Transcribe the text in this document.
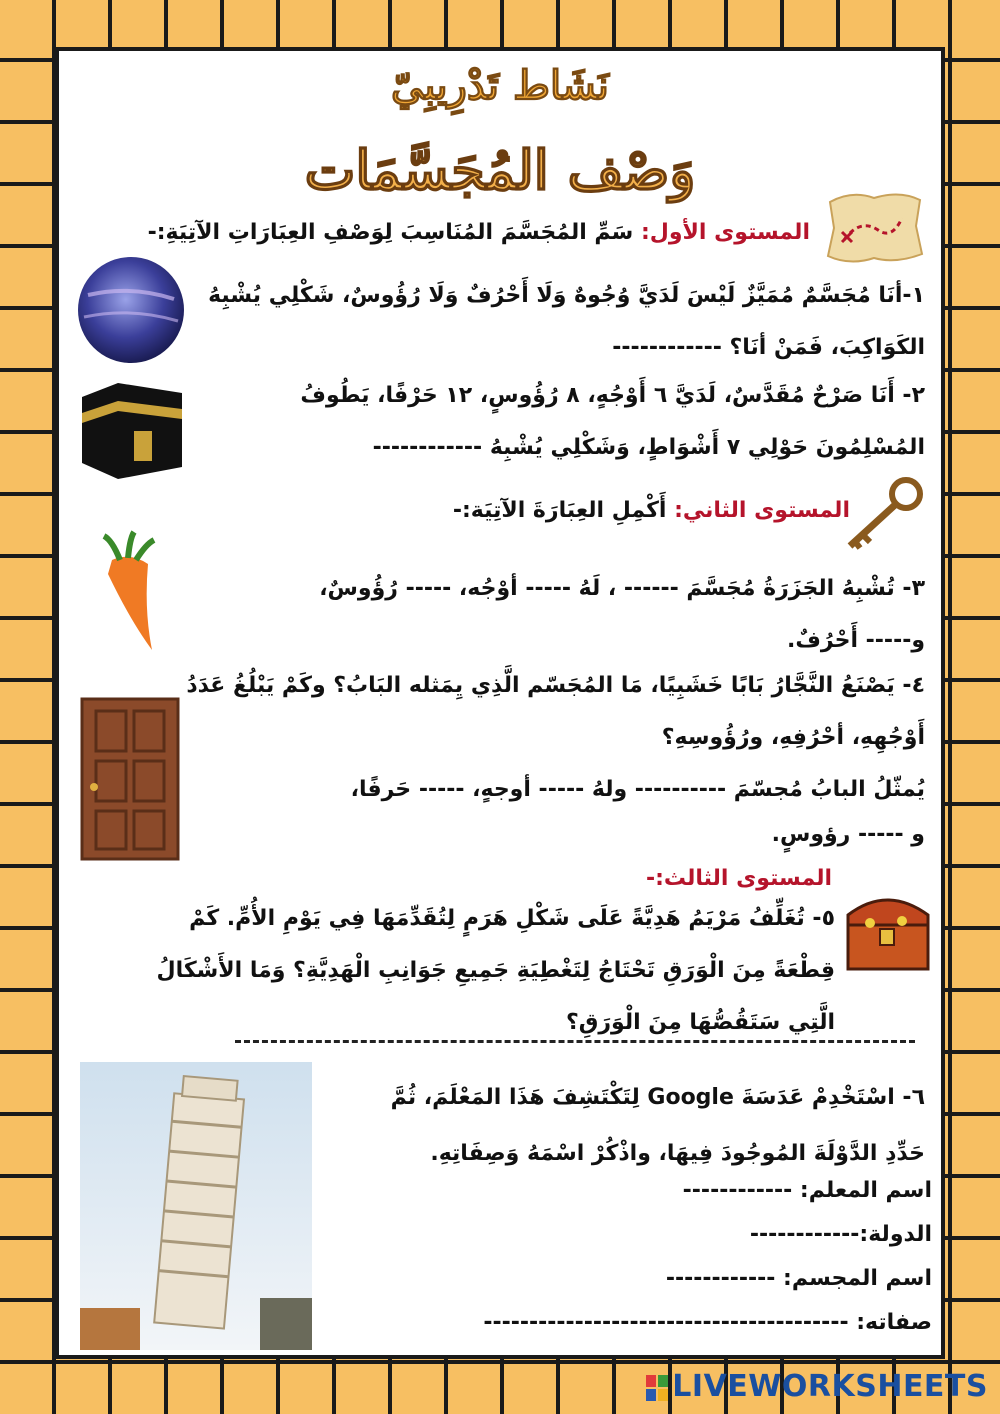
نَشَاط تَدْرِيبِيّ
وَصْف المُجَسَّمَات
المستوى الأول: سَمِّ المُجَسَّمَ المُنَاسِبَ لِوَصْفِ العِبَارَاتِ الآتِيَةِ:-
١-أنَا مُجَسَّمٌ مُمَيَّزٌ لَيْسَ لَدَيَّ وُجُوهٌ وَلَا أَحْرُفٌ وَلَا رُؤُوسٌ، شَكْلِي يُشْبِهُ
الكَوَاكِبَ، فَمَنْ أنَا؟ ------------
٢- أَنَا صَرْحٌ مُقَدَّسٌ، لَدَيَّ ٦ أَوْجُهٍ، ٨ رُؤُوسٍ، ١٢ حَرْفًا، يَطُوفُ
المُسْلِمُونَ حَوْلِي ٧ أَشْوَاطٍ، وَشَكْلِي يُشْبِهُ ------------
المستوى الثاني: أَكْمِلِ العِبَارَةَ الآتِيَة:-
٣- تُشْبِهُ الجَزَرَةُ مُجَسَّمَ ------ ، لَهُ ----- أوْجُه، ----- رُؤُوسٌ،
و----- أَحْرُفٌ.
٤- يَصْنَعُ النَّجَّارُ بَابًا خَشَبِيًا، مَا المُجَسّم الَّذِي يِمَثله البَابُ؟ وكَمْ يَبْلُغُ عَدَدُ
أَوْجُهِهِ، أحْرُفِهِ، ورُؤُوسِهِ؟
يُمثّلُ البابُ مُجسّمَ ---------- ولهُ ----- أوجهٍ، ----- حَرفًا،
و ----- رؤوسٍ.
المستوى الثالث:-
٥- تُغَلِّفُ مَرْيَمُ هَدِيَّةً عَلَى شَكْلِ هَرَمٍ لِتُقَدِّمَهَا فِي يَوْمِ الأُمِّ. كَمْ
قِطْعَةً مِنَ الْوَرَقِ تَحْتَاجُ لِتَغْطِيَةِ جَمِيعِ جَوَانِبِ الْهَدِيَّةِ؟ وَمَا الأَشْكَالُ
الَّتِي سَتَقُصُّهَا مِنَ الْوَرَقِ؟
٦- اسْتَخْدِمْ عَدَسَةَ Google لِتَكْتَشِفَ هَذَا المَعْلَمَ، ثُمَّ
حَدِّدِ الدَّوْلَةَ المُوجُودَ فِيهَا، واذْكُرْ اسْمَهُ وَصِفَاتِهِ.
اسم المعلم: ------------
الدولة:------------
اسم المجسم: ------------
صفاته: ----------------------------------------
LIVEWORKSHEETS
